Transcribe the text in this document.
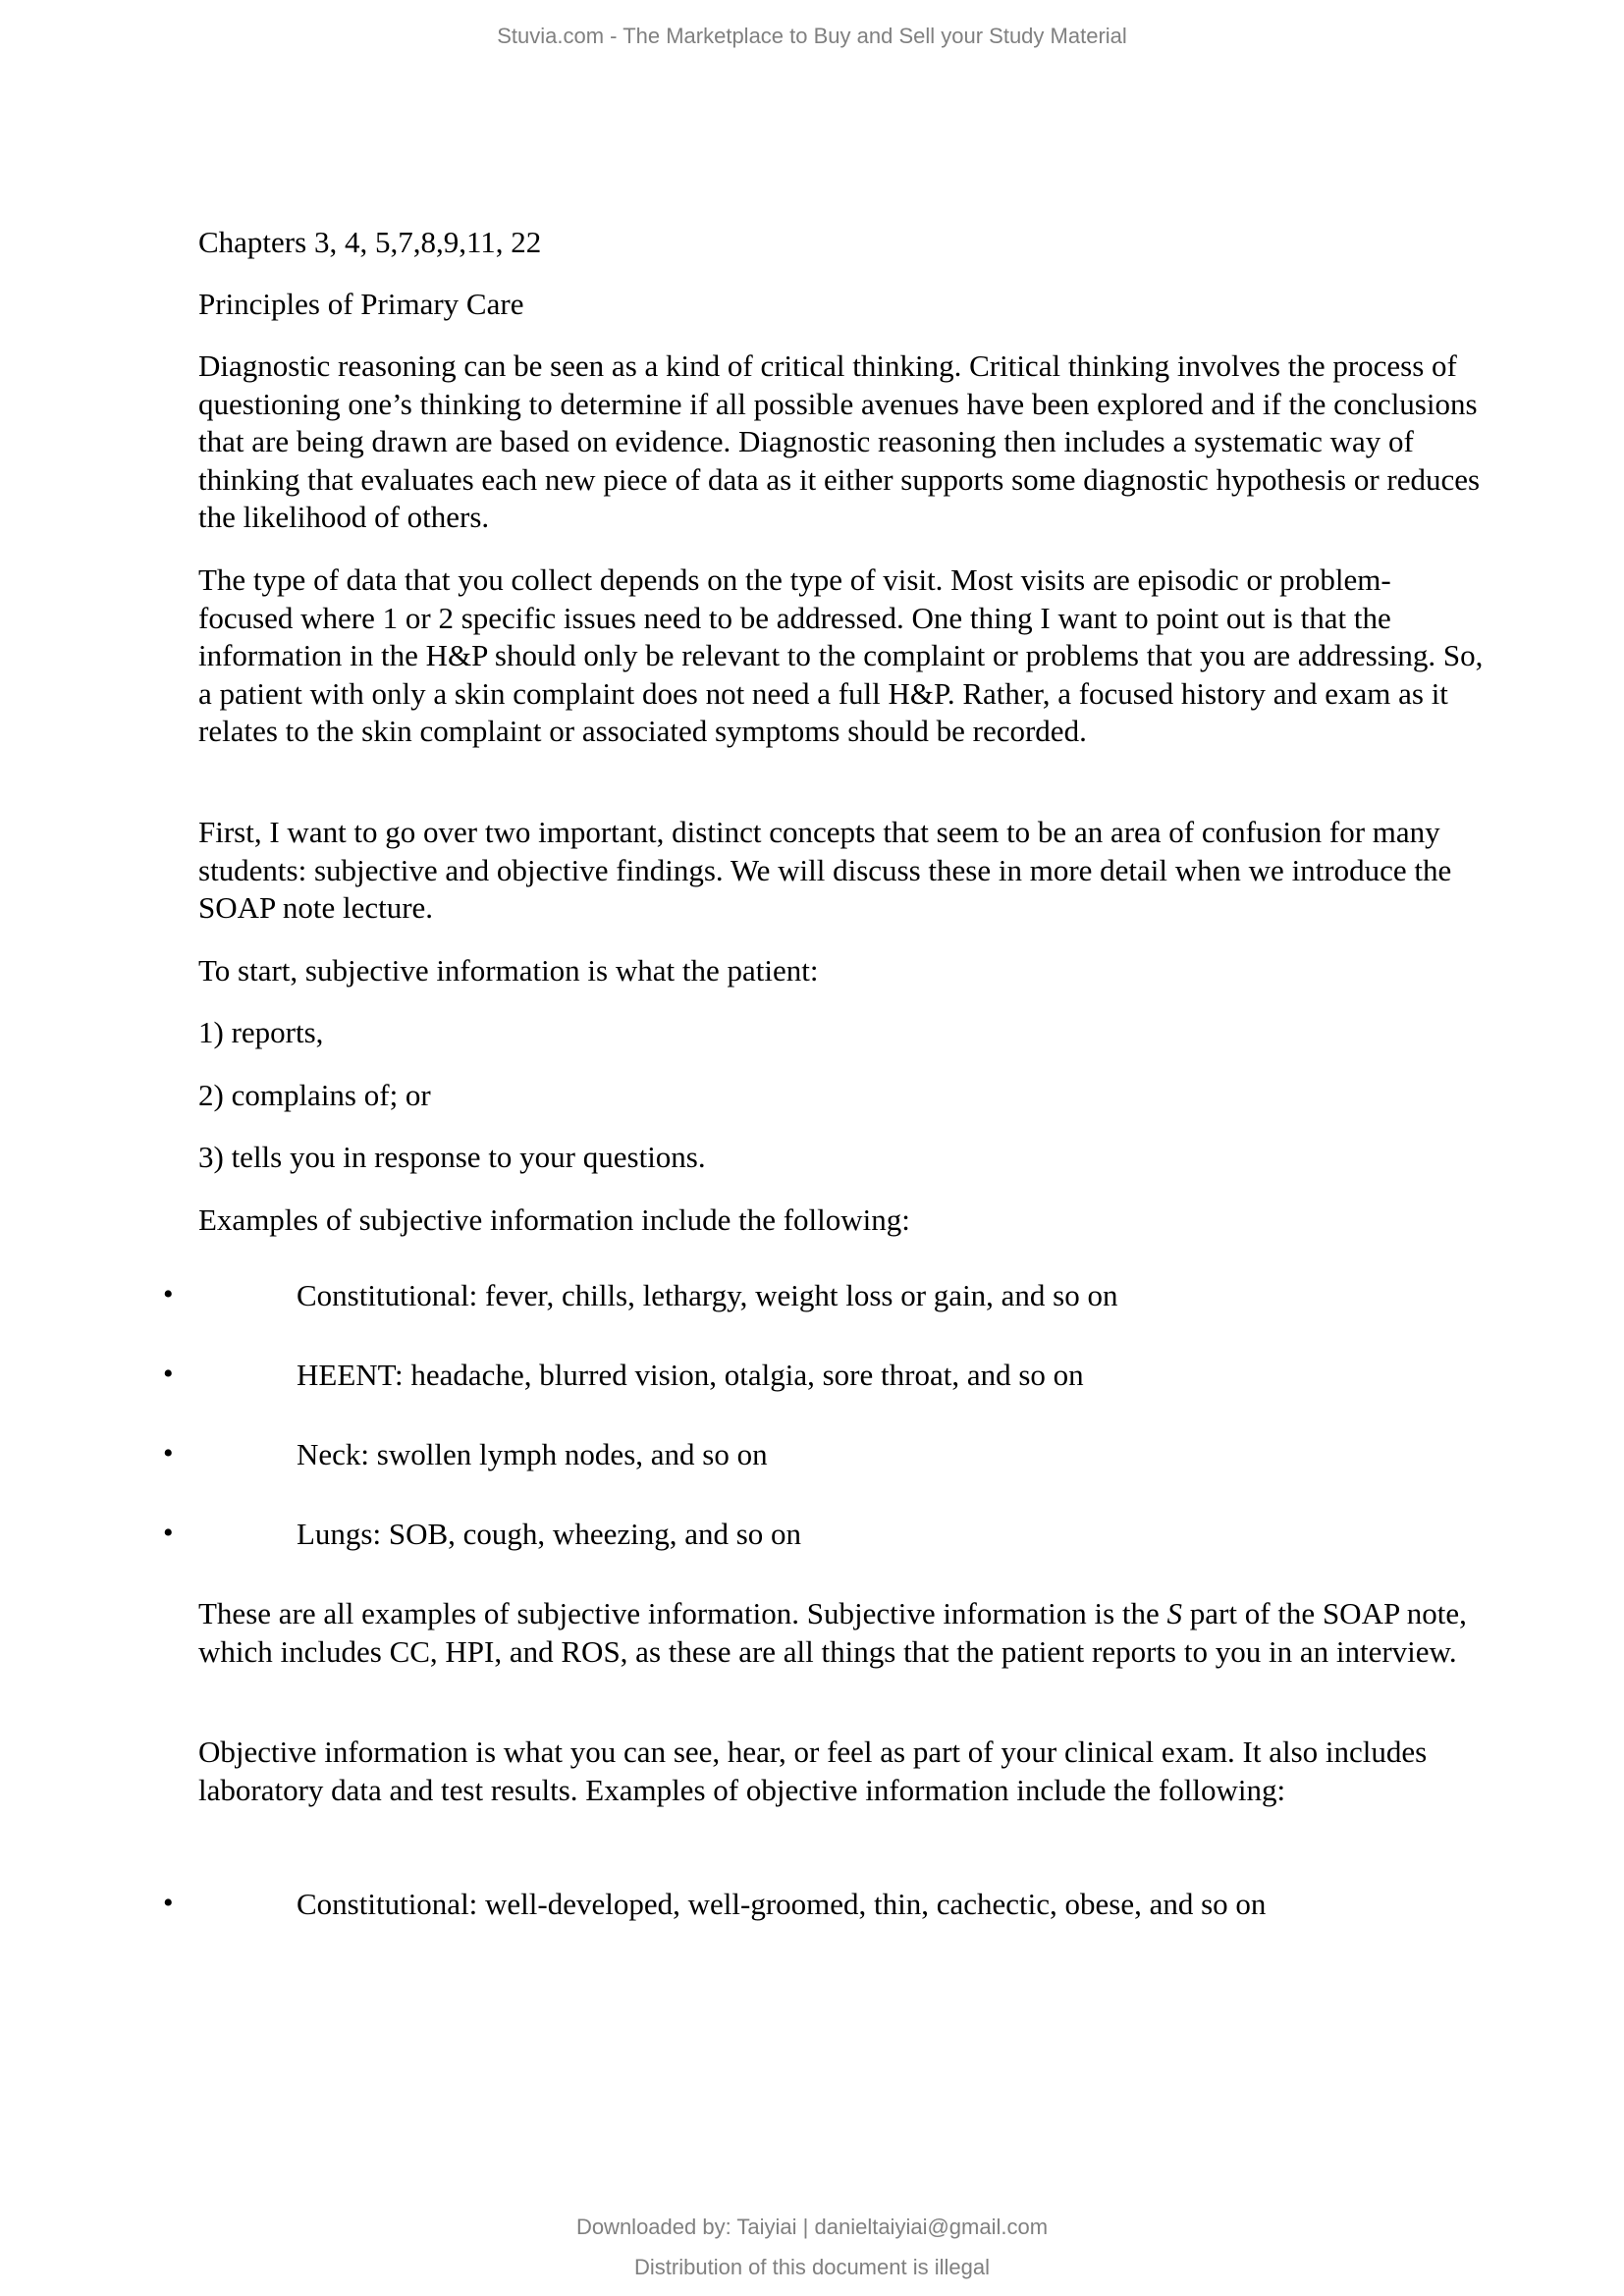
Stuvia.com - The Marketplace to Buy and Sell your Study Material

Chapters 3, 4, 5,7,8,9,11, 22

Principles of Primary Care

Diagnostic reasoning can be seen as a kind of critical thinking. Critical thinking involves the process of questioning one’s thinking to determine if all possible avenues have been explored and if the conclusions that are being drawn are based on evidence. Diagnostic reasoning then includes a systematic way of thinking that evaluates each new piece of data as it either supports some diagnostic hypothesis or reduces the likelihood of others.

The type of data that you collect depends on the type of visit. Most visits are episodic or problem-focused where 1 or 2 specific issues need to be addressed. One thing I want to point out is that the information in the H&P should only be relevant to the complaint or problems that you are addressing. So, a patient with only a skin complaint does not need a full H&P. Rather, a focused history and exam as it relates to the skin complaint or associated symptoms should be recorded.

First, I want to go over two important, distinct concepts that seem to be an area of confusion for many students: subjective and objective findings. We will discuss these in more detail when we introduce the SOAP note lecture.

To start, subjective information is what the patient:

1) reports,

2) complains of; or

3) tells you in response to your questions.

Examples of subjective information include the following:

•	Constitutional: fever, chills, lethargy, weight loss or gain, and so on
•	HEENT: headache, blurred vision, otalgia, sore throat, and so on
•	Neck: swollen lymph nodes, and so on
•	Lungs: SOB, cough, wheezing, and so on

These are all examples of subjective information. Subjective information is the S part of the SOAP note, which includes CC, HPI, and ROS, as these are all things that the patient reports to you in an interview.

Objective information is what you can see, hear, or feel as part of your clinical exam. It also includes laboratory data and test results. Examples of objective information include the following:

•	Constitutional: well-developed, well-groomed, thin, cachectic, obese, and so on
Downloaded by: Taiyiai | danieltaiyiai@gmail.com
Distribution of this document is illegal
